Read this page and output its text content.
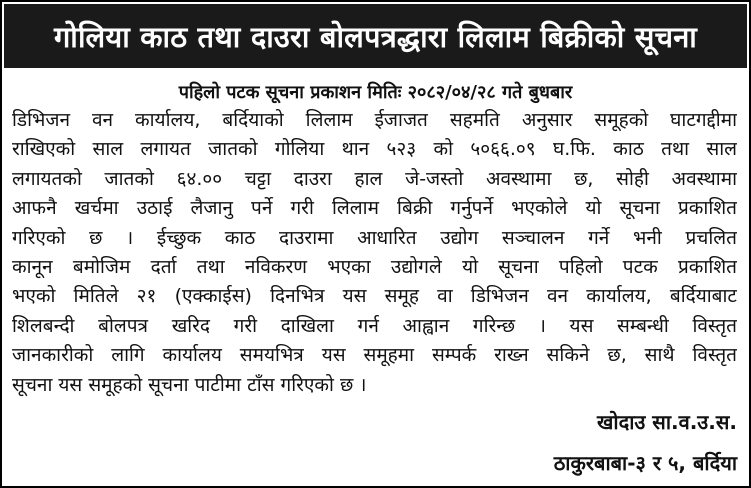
गोलिया काठ तथा दाउरा बोलपत्रद्धारा लिलाम बिक्रीको सूचना
पहिलो पटक सूचना प्रकाशन मितिः २०८२/०४/२८ गते बुधबार
डिभिजन वन कार्यालय, बर्दियाको लिलाम ईजाजत सहमति अनुसार समूहको घाटगद्दीमा
राखिएको साल लगायत जातको गोलिया थान ५२३ को ५०६६.०९ घ.फि. काठ तथा साल
लगायतको जातको ६४.०० चट्टा दाउरा हाल जे-जस्तो अवस्थामा छ, सोही अवस्थामा
आफनै खर्चमा उठाई लैजानु पर्ने गरी लिलाम बिक्री गर्नुपर्ने भएकोले यो सूचना प्रकाशित
गरिएको छ । ईच्छुक काठ दाउरामा आधारित उद्योग सञ्चालन गर्ने भनी प्रचलित
कानून बमोजिम दर्ता तथा नविकरण भएका उद्योगले यो सूचना पहिलो पटक प्रकाशित
भएको मितिले २१ (एक्काईस) दिनभित्र यस समूह वा डिभिजन वन कार्यालय, बर्दियाबाट
शिलबन्दी बोलपत्र खरिद गरी दाखिला गर्न आह्वान गरिन्छ । यस सम्बन्धी विस्तृत
जानकारीको लागि कार्यालय समयभित्र यस समूहमा सम्पर्क राख्न सकिने छ, साथै विस्तृत
सूचना यस समूहको सूचना पाटीमा टाँस गरिएको छ ।
खोदाउ सा.व.उ.स.
ठाकुरबाबा-३ र ५, बर्दिया
